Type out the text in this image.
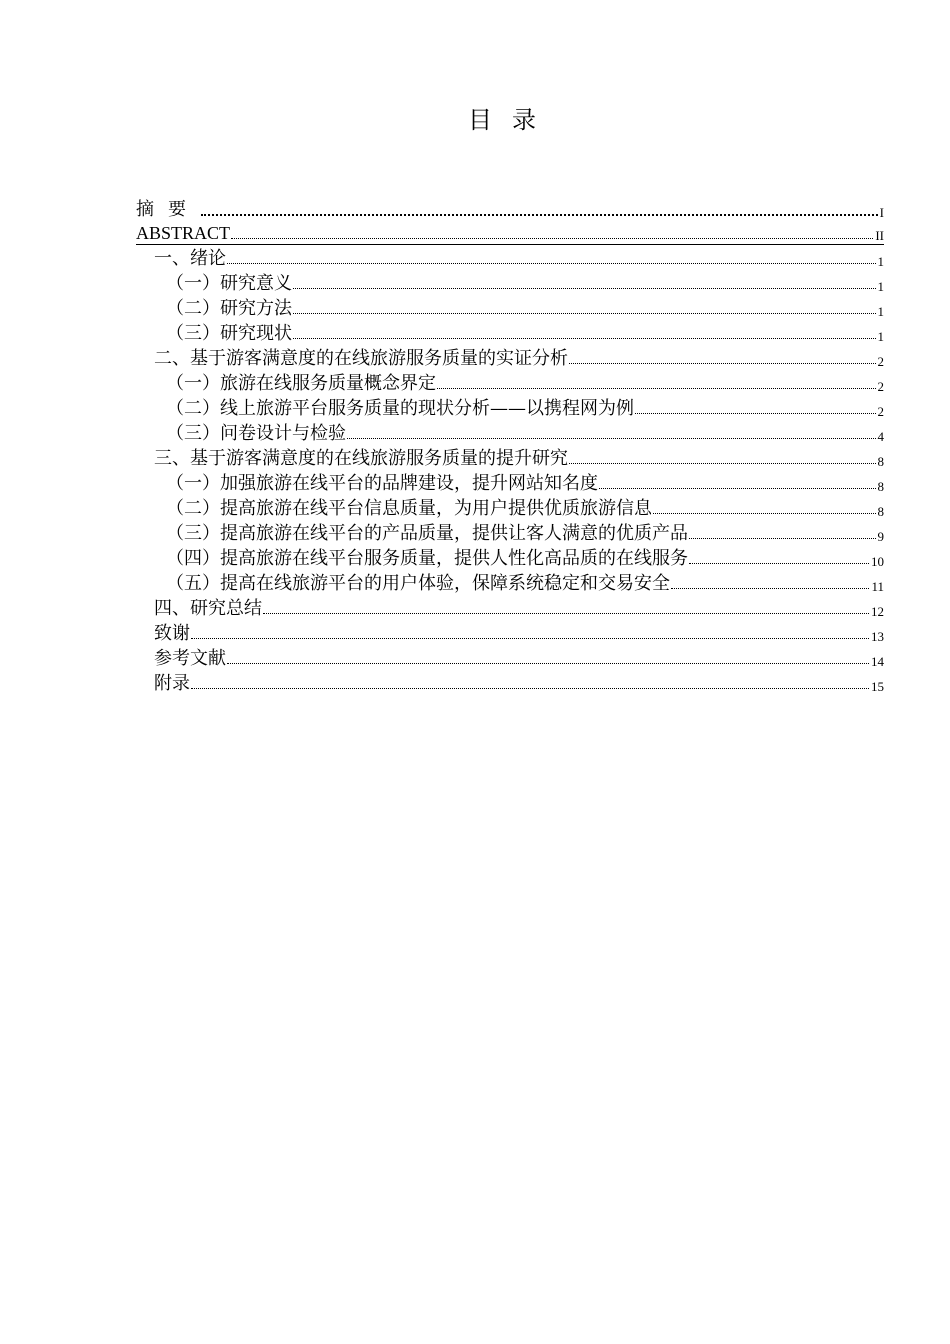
目录
摘要	I
ABSTRACT	II
一、绪论	1
（一）研究意义	1
（二）研究方法	1
（三）研究现状	1
二、基于游客满意度的在线旅游服务质量的实证分析	2
（一）旅游在线服务质量概念界定	2
（二）线上旅游平台服务质量的现状分析——以携程网为例	2
（三）问卷设计与检验	4
三、基于游客满意度的在线旅游服务质量的提升研究	8
（一）加强旅游在线平台的品牌建设，提升网站知名度	8
（二）提高旅游在线平台信息质量，为用户提供优质旅游信息	8
（三）提高旅游在线平台的产品质量，提供让客人满意的优质产品	9
（四）提高旅游在线平台服务质量，提供人性化高品质的在线服务	10
（五）提高在线旅游平台的用户体验，保障系统稳定和交易安全	11
四、研究总结	12
致谢	13
参考文献	14
附录	15
